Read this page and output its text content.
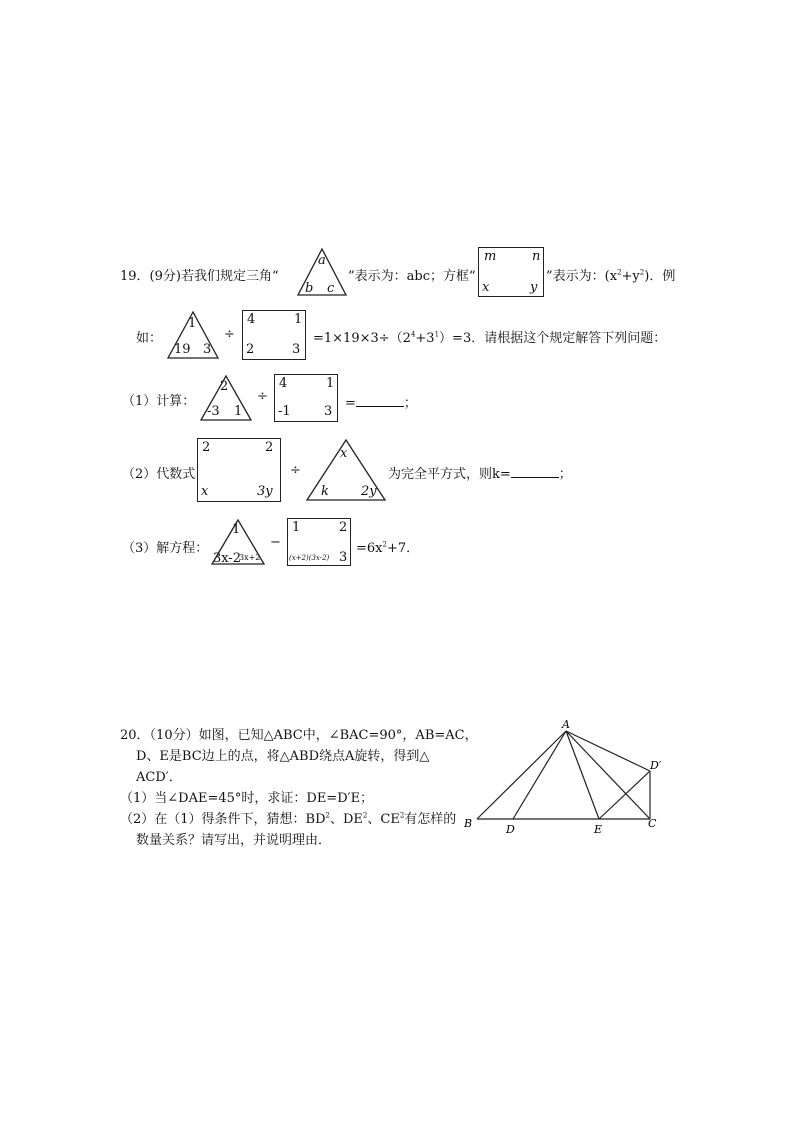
19．(9分)若我们规定三角“
a
b c
”表示为：abc；方框“
m	n
x	y
”表示为：$(x^2+y^2)$．例
如：
1
19 3
÷
4	1
2	3
$=1\times 19\times 3\div(2^4+3^1)=3$．请根据这个规定解答下列问题：
（1）计算：
2
-3 1
÷
4	1
-1	3
=	；
（2）代数式
2	2
x	3y
÷
x
k 2y
为完全平方式，则k=	；
（3）解方程：
1
3x-2
3x+2
−
1	2
(x+2)(3x-2) 3
$=6x^2+7$．
20．（10分）如图，已知△ABC中，∠BAC=90°，AB=AC，
D、E是BC边上的点，将△ABD绕点A旋转，得到△
ACD′．
（1）当∠DAE=45°时，求证：DE=D′E；
（2）在（1）得条件下，猜想：$BD^2$、$DE^2$、$CE^2$有怎样的
数量关系？请写出，并说明理由．
A
B	D	E	C
D′
